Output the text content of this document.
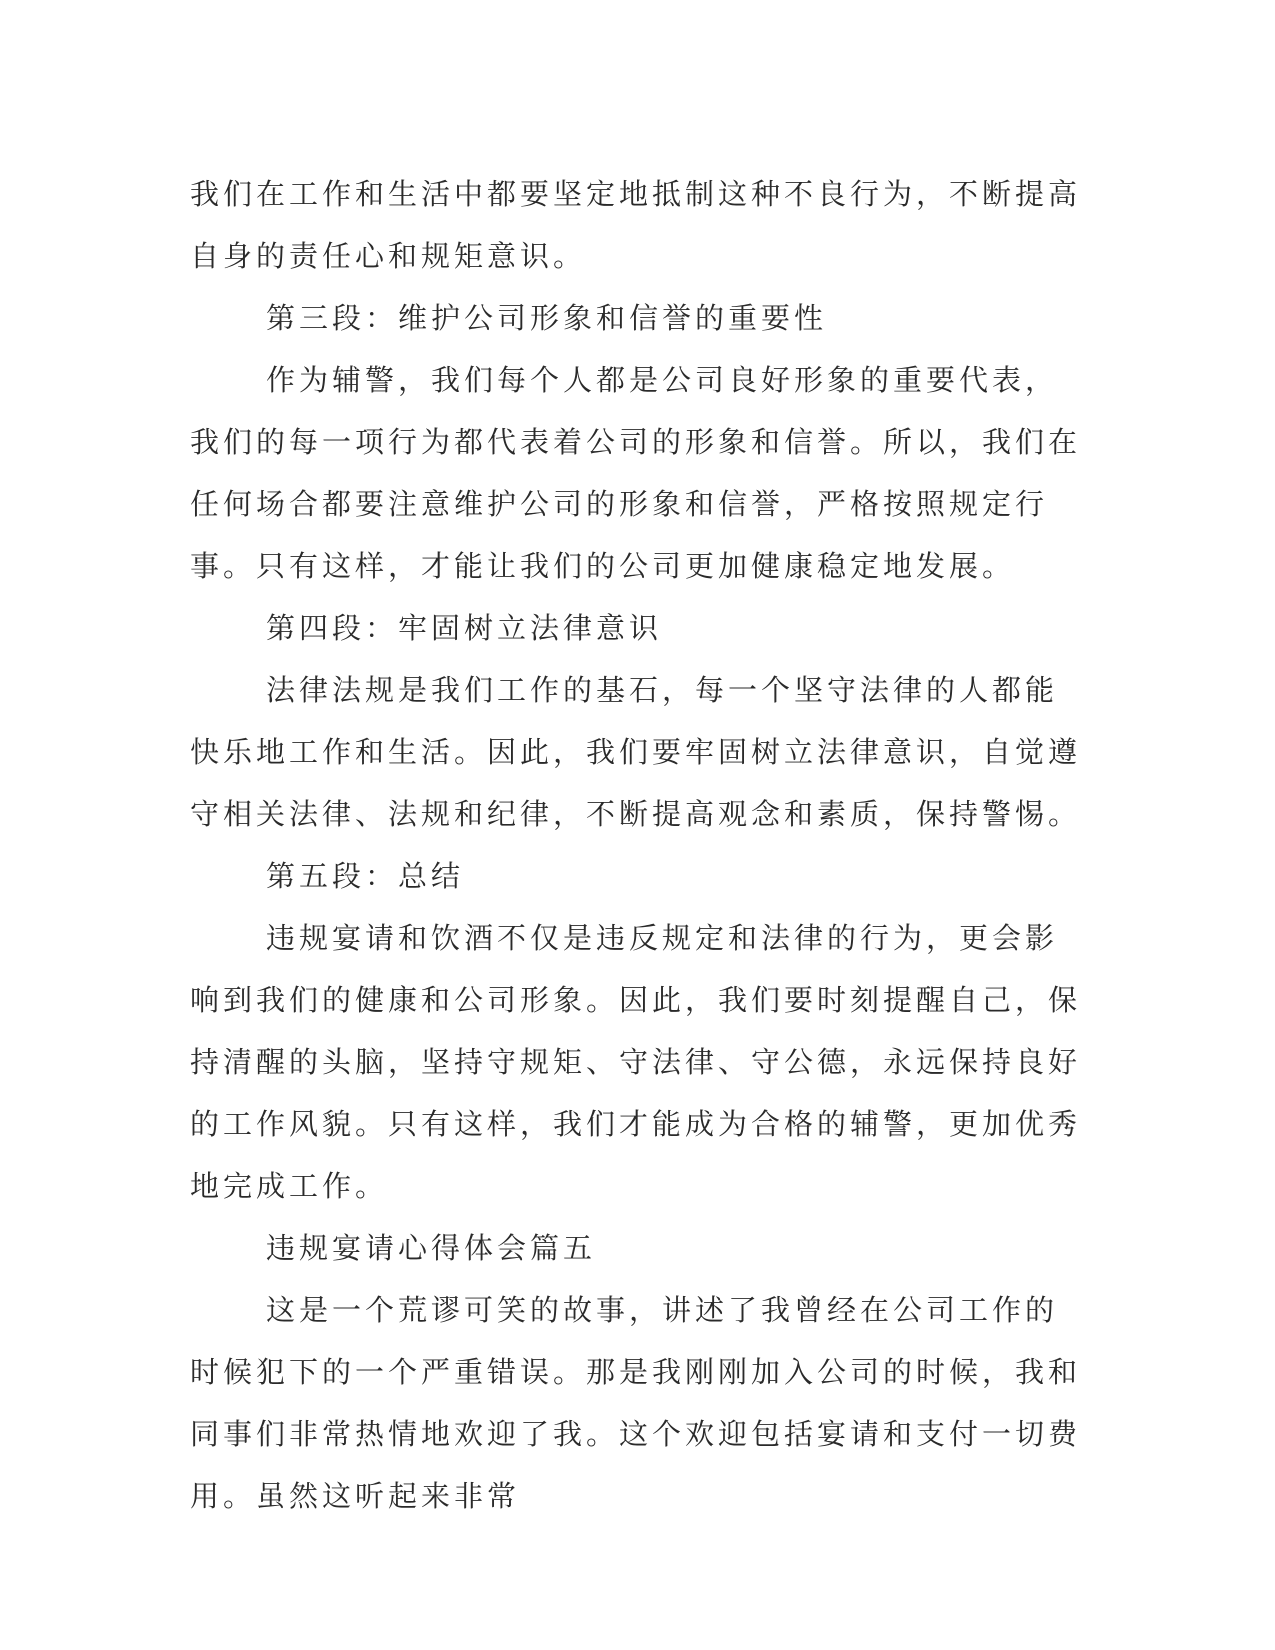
我们在工作和生活中都要坚定地抵制这种不良行为，不断提高自身的责任心和规矩意识。

第三段：维护公司形象和信誉的重要性

作为辅警，我们每个人都是公司良好形象的重要代表，我们的每一项行为都代表着公司的形象和信誉。所以，我们在任何场合都要注意维护公司的形象和信誉，严格按照规定行事。只有这样，才能让我们的公司更加健康稳定地发展。

第四段：牢固树立法律意识

法律法规是我们工作的基石，每一个坚守法律的人都能快乐地工作和生活。因此，我们要牢固树立法律意识，自觉遵守相关法律、法规和纪律，不断提高观念和素质，保持警惕。

第五段：总结

违规宴请和饮酒不仅是违反规定和法律的行为，更会影响到我们的健康和公司形象。因此，我们要时刻提醒自己，保持清醒的头脑，坚持守规矩、守法律、守公德，永远保持良好的工作风貌。只有这样，我们才能成为合格的辅警，更加优秀地完成工作。

违规宴请心得体会篇五

这是一个荒谬可笑的故事，讲述了我曾经在公司工作的时候犯下的一个严重错误。那是我刚刚加入公司的时候，我和同事们非常热情地欢迎了我。这个欢迎包括宴请和支付一切费用。虽然这听起来非常
